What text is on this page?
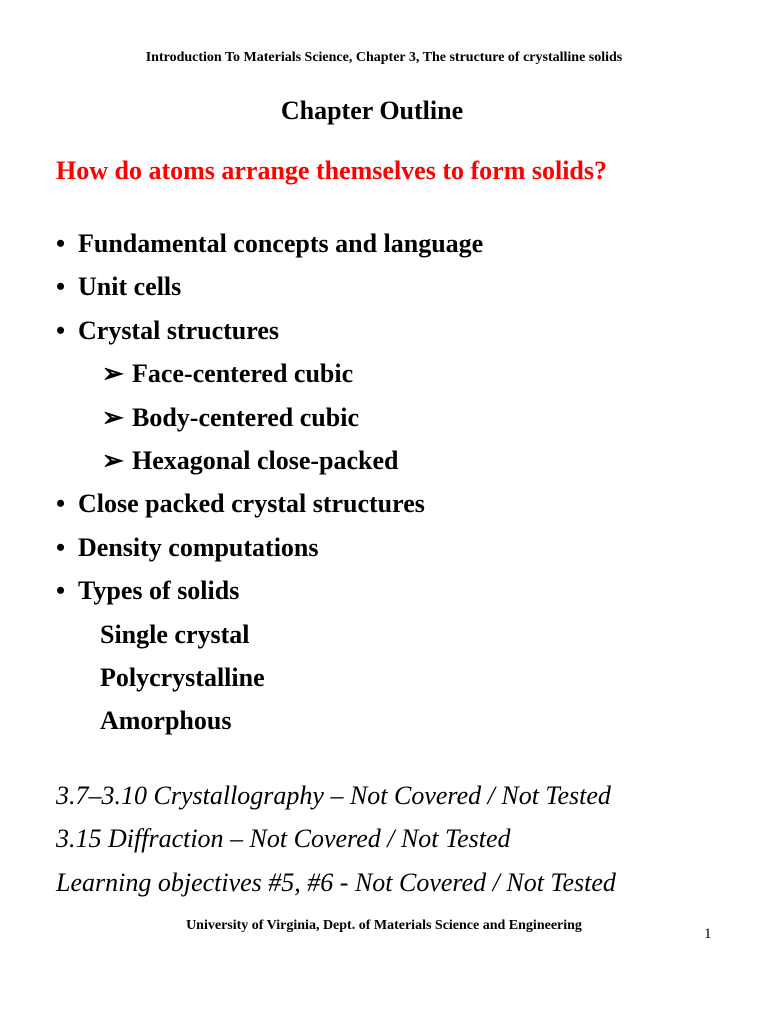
Introduction To Materials Science, Chapter 3, The structure of crystalline solids
Chapter Outline
How do atoms arrange themselves to form solids?
• Fundamental concepts and language
• Unit cells
• Crystal structures
➢ Face-centered cubic
➢ Body-centered cubic
➢ Hexagonal close-packed
• Close packed crystal structures
• Density computations
• Types of solids
Single crystal
Polycrystalline
Amorphous
3.7–3.10 Crystallography – Not Covered / Not Tested
3.15 Diffraction – Not Covered / Not Tested
Learning objectives #5, #6 - Not Covered / Not Tested
University of Virginia, Dept. of Materials Science and Engineering
1
